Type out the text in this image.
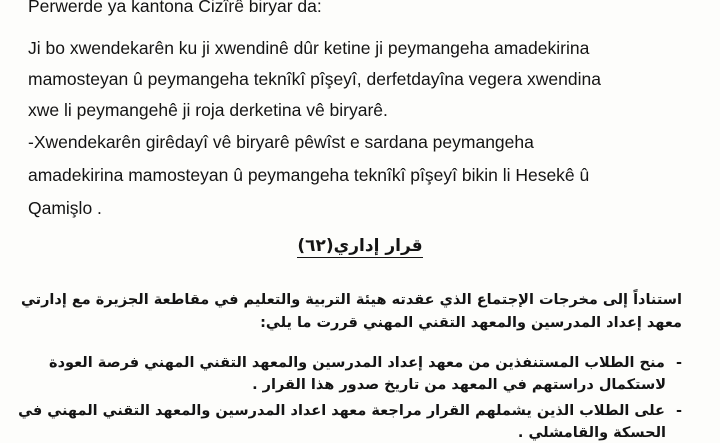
Perwerde ya kantona Cizîrê biryar da:
Ji bo xwendekarên ku ji xwendinê dûr ketine ji peymangeha amadekirina
mamosteyan û peymangeha teknîkî pîşeyî, derfetdayîna vegera xwendina
xwe li peymangehê ji roja derketina vê biryarê.
-Xwendekarên girêdayî vê biryarê pêwîst e sardana peymangeha
amadekirina mamosteyan û peymangeha teknîkî pîşeyî bikin li Hesekê û
Qamişlo .
قرار إداري(٦٢)
استناداً إلى مخرجات الإجتماع الذي عقدته هيئة التربية والتعليم في مقاطعة الجزيرة مع إدارتي
معهد إعداد المدرسين والمعهد التقني المهني قررت ما يلي:
- منح الطلاب المستنفذين من معهد إعداد المدرسين والمعهد التقني المهني فرصة العودة
لاستكمال دراستهم في المعهد من تاريخ صدور هذا القرار .
- على الطلاب الذين يشملهم القرار مراجعة معهد اعداد المدرسين والمعهد التقني المهني في
الحسكة والقامشلي .
